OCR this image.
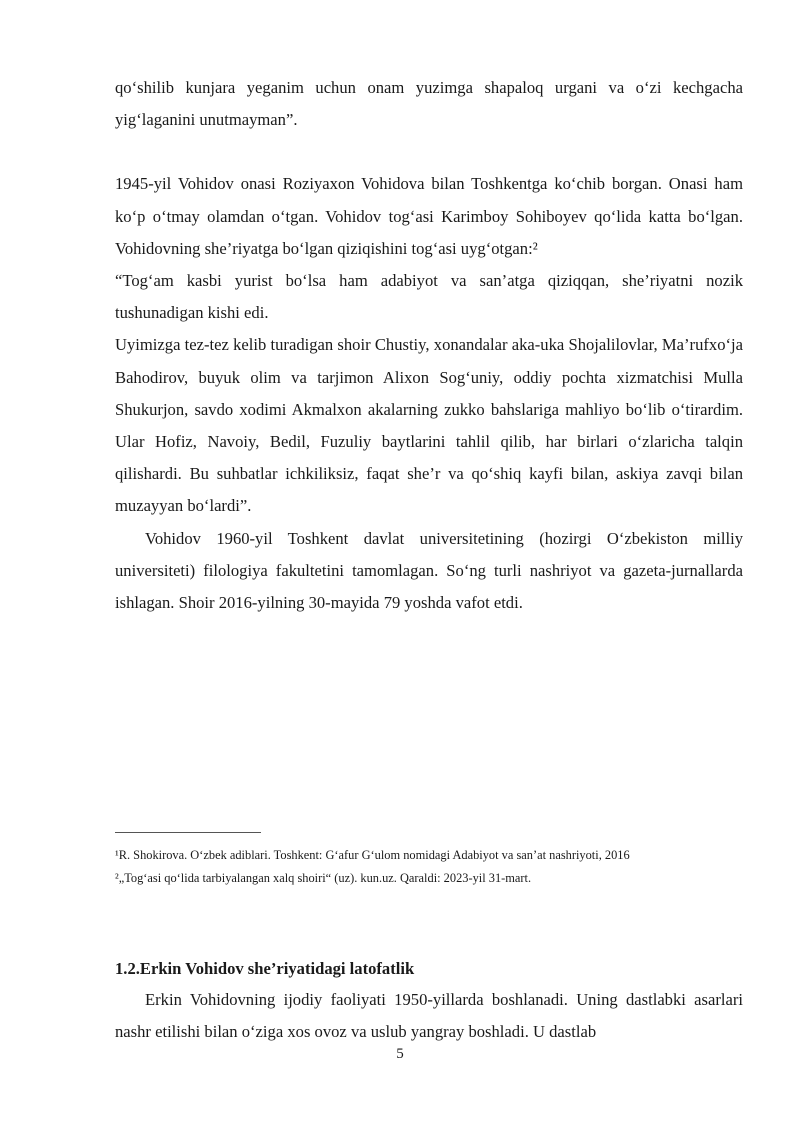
qo‘shilib kunjara yeganim uchun onam yuzimga shapaloq urgani va o‘zi kechgacha yig‘laganini unutmayman”.

1945-yil Vohidov onasi Roziyaxon Vohidova bilan Toshkentga ko‘chib borgan. Onasi ham ko‘p o‘tmay olamdan o‘tgan. Vohidov tog‘asi Karimboy Sohiboyev qo‘lida katta bo‘lgan. Vohidovning she’riyatga bo‘lgan qiziqishini tog‘asi uyg‘otgan:²

“Tog‘am kasbi yurist bo‘lsa ham adabiyot va san’atga qiziqqan, she’riyatni nozik tushunadigan kishi edi.

Uyimizga tez-tez kelib turadigan shoir Chustiy, xonandalar aka-uka Shojalilovlar, Ma’rufxo‘ja Bahodirov, buyuk olim va tarjimon Alixon Sog‘uniy, oddiy pochta xizmatchisi Mulla Shukurjon, savdo xodimi Akmalxon akalarning zukko bahslariga mahliyo bo‘lib o‘tirardim. Ular Hofiz, Navoiy, Bedil, Fuzuliy baytlarini tahlil qilib, har birlari o‘zlaricha talqin qilishardi. Bu suhbatlar ichkiliksiz, faqat she’r va qo‘shiq kayfi bilan, askiya zavqi bilan muzayyan bo‘lardi”.

Vohidov 1960-yil Toshkent davlat universitetining (hozirgi O‘zbekiston milliy universiteti) filologiya fakultetini tamomlagan. So‘ng turli nashriyot va gazeta-jurnallarda ishlagan. Shoir 2016-yilning 30-mayida 79 yoshda vafot etdi.

¹R. Shokirova. O‘zbek adiblari. Toshkent: G‘afur G‘ulom nomidagi Adabiyot va san’at nashriyoti, 2016
²„Tog‘asi qo‘lida tarbiyalangan xalq shoiri“ (uz). kun.uz. Qaraldi: 2023-yil 31-mart.
1.2.Erkin Vohidov she’riyatidagi latofatlik

Erkin Vohidovning ijodiy faoliyati 1950-yillarda boshlanadi. Uning dastlabki asarlari nashr etilishi bilan o‘ziga xos ovoz va uslub yangray boshladi. U dastlab

5
